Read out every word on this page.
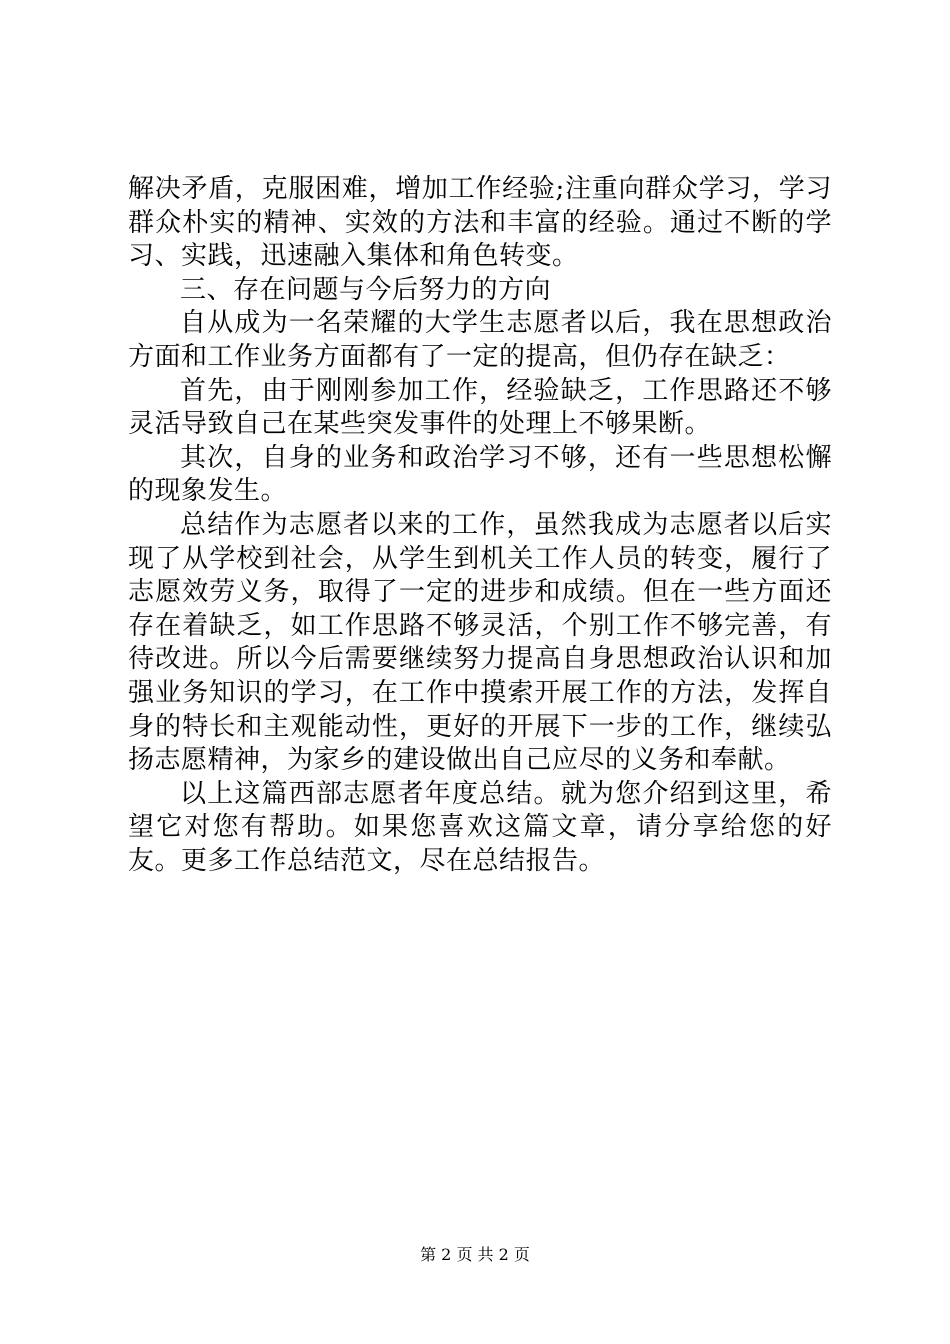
解决矛盾，克服困难，增加工作经验;注重向群众学习，学习群众朴实的精神、实效的方法和丰富的经验。通过不断的学习、实践，迅速融入集体和角色转变。

三、存在问题与今后努力的方向

自从成为一名荣耀的大学生志愿者以后，我在思想政治方面和工作业务方面都有了一定的提高，但仍存在缺乏：

首先，由于刚刚参加工作，经验缺乏，工作思路还不够灵活导致自己在某些突发事件的处理上不够果断。

其次，自身的业务和政治学习不够，还有一些思想松懈的现象发生。

总结作为志愿者以来的工作，虽然我成为志愿者以后实现了从学校到社会，从学生到机关工作人员的转变，履行了志愿效劳义务，取得了一定的进步和成绩。但在一些方面还存在着缺乏，如工作思路不够灵活，个别工作不够完善，有待改进。所以今后需要继续努力提高自身思想政治认识和加强业务知识的学习，在工作中摸索开展工作的方法，发挥自身的特长和主观能动性，更好的开展下一步的工作，继续弘扬志愿精神，为家乡的建设做出自己应尽的义务和奉献。

以上这篇西部志愿者年度总结。就为您介绍到这里，希望它对您有帮助。如果您喜欢这篇文章，请分享给您的好友。更多工作总结范文，尽在总结报告。

第 2 页 共 2 页
